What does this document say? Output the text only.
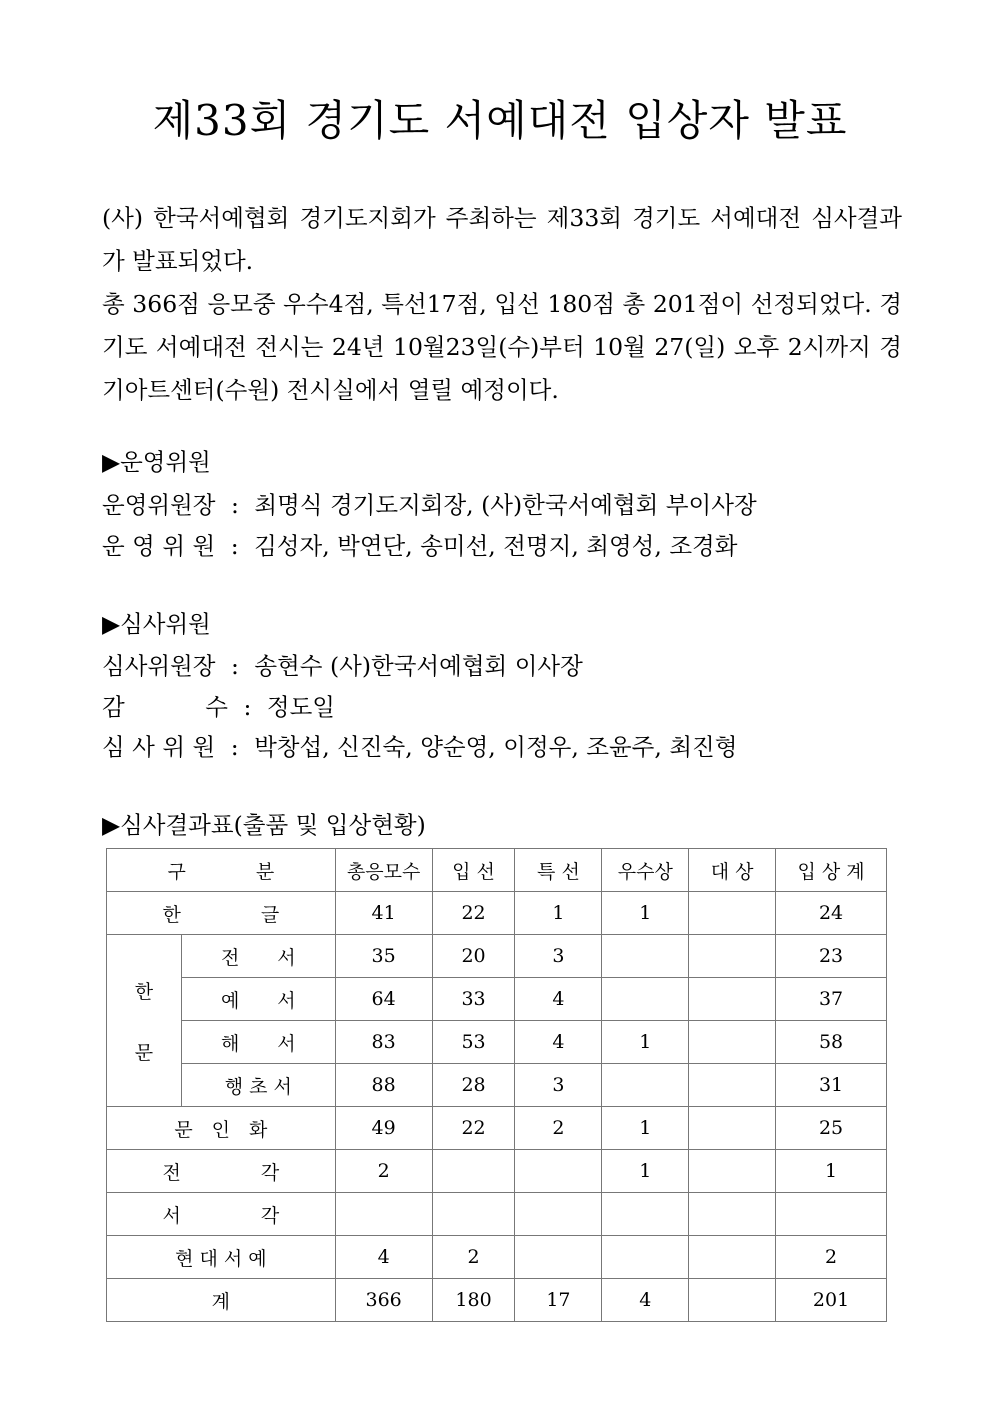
제33회 경기도 서예대전 입상자 발표

(사) 한국서예협회 경기도지회가 주최하는 제33회 경기도 서예대전 심사결과가 발표되었다.

총 366점 응모중 우수4점, 특선17점, 입선 180점 총 201점이 선정되었다. 경기도 서예대전 전시는 24년 10월23일(수)부터 10월 27(일) 오후 2시까지 경기아트센터(수원) 전시실에서 열릴 예정이다.

▶운영위원
운영위원장 : 최명식 경기도지회장, (사)한국서예협회 부이사장
운 영 위 원 : 김성자, 박연단, 송미선, 전명지, 최영성, 조경화
▶심사위원
심사위원장 : 송현수 (사)한국서예협회 이사장
감	수 : 정도일
심 사 위 원 : 박창섭, 신진숙, 양순영, 이정우, 조윤주, 최진형
▶심사결과표(출품 및 입상현황)
구 분		총응모수	입 선	특 선	우수상	대 상	입 상 계
한 글		41	22	1	1		24

한
문	전　　서	35	20	3			23
	예　　서	64	33	4			37
	해　　서	83	53	4	1		58
	행 초 서	88	28	3			31
문　인　화		49	22	2	1		25
전 각		2			1		1
서 각							
현 대 서 예		4	2				2
계		366	180	17	4		201
